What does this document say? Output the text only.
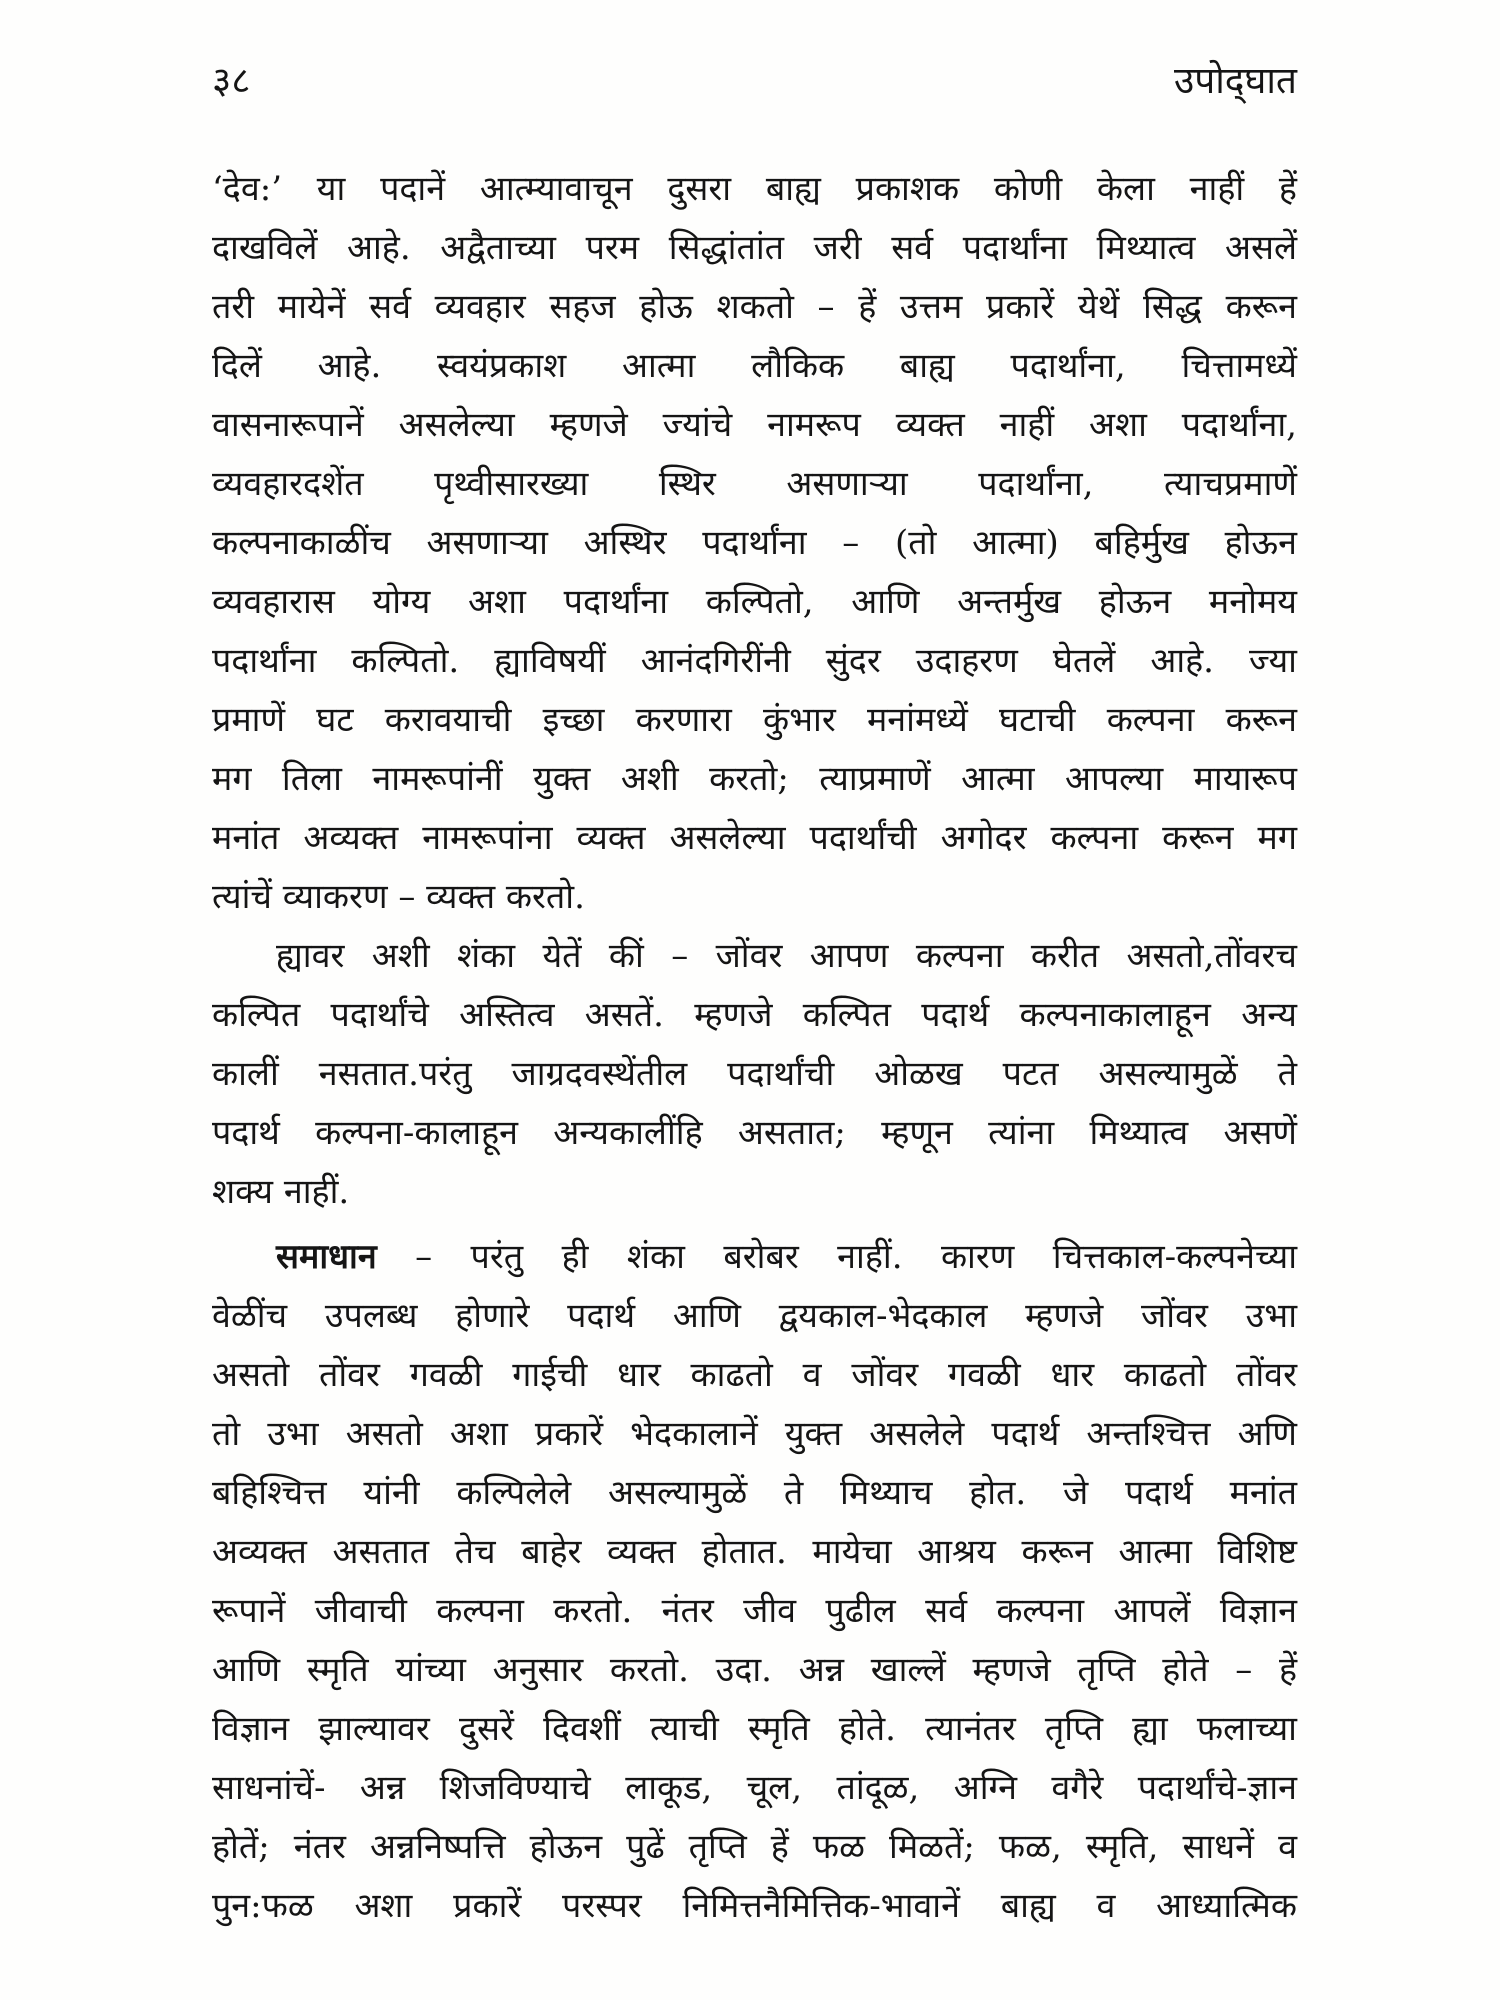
३८	उपोद्‌घात
‘देव:’ या पदानें आत्म्यावाचून दुसरा बाह्य प्रकाशक कोणी केला नाहीं हें
दाखविलें आहे. अद्वैताच्या परम सिद्धांतांत जरी सर्व पदार्थांना मिथ्यात्व असलें
तरी मायेनें सर्व व्यवहार सहज होऊ शकतो – हें उत्तम प्रकारें येथें सिद्ध करून
दिलें आहे. स्वयंप्रकाश आत्मा लौकिक बाह्य पदार्थांना, चित्तामध्यें
वासनारूपानें असलेल्या म्हणजे ज्यांचे नामरूप व्यक्त नाहीं अशा पदार्थांना,
व्यवहारदशेंत पृथ्वीसारख्या स्थिर असणाऱ्या पदार्थांना, त्याचप्रमाणें
कल्पनाकाळींच असणाऱ्या अस्थिर पदार्थांना – (तो आत्मा) बहिर्मुख होऊन
व्यवहारास योग्य अशा पदार्थांना कल्पितो, आणि अन्तर्मुख होऊन मनोमय
पदार्थांना कल्पितो. ह्याविषयीं आनंदगिरींनी सुंदर उदाहरण घेतलें आहे. ज्या
प्रमाणें घट करावयाची इच्छा करणारा कुंभार मनांमध्यें घटाची कल्पना करून
मग तिला नामरूपांनीं युक्त अशी करतो; त्याप्रमाणें आत्मा आपल्या मायारूप
मनांत अव्यक्त नामरूपांना व्यक्त असलेल्या पदार्थांची अगोदर कल्पना करून मग
त्यांचें व्याकरण – व्यक्त करतो.
ह्यावर अशी शंका येतें कीं – जोंवर आपण कल्पना करीत असतो,तोंवरच
कल्पित पदार्थांचे अस्तित्व असतें. म्हणजे कल्पित पदार्थ कल्पनाकालाहून अन्य
कालीं नसतात.परंतु जाग्रदवस्थेंतील पदार्थांची ओळख पटत असल्यामुळें ते
पदार्थ कल्पना-कालाहून अन्यकालींहि असतात; म्हणून त्यांना मिथ्यात्व असणें
शक्य नाहीं.
समाधान – परंतु ही शंका बरोबर नाहीं. कारण चित्तकाल-कल्पनेच्या
वेळींच उपलब्ध होणारे पदार्थ आणि द्वयकाल-भेदकाल म्हणजे जोंवर उभा
असतो तोंवर गवळी गाईची धार काढतो व जोंवर गवळी धार काढतो तोंवर
तो उभा असतो अशा प्रकारें भेदकालानें युक्त असलेले पदार्थ अन्तश्चित्त अणि
बहिश्चित्त यांनी कल्पिलेले असल्यामुळें ते मिथ्याच होत. जे पदार्थ मनांत
अव्यक्त असतात तेच बाहेर व्यक्त होतात. मायेचा आश्रय करून आत्मा विशिष्ट
रूपानें जीवाची कल्पना करतो. नंतर जीव पुढील सर्व कल्पना आपलें विज्ञान
आणि स्मृति यांच्या अनुसार करतो. उदा. अन्न खाल्लें म्हणजे तृप्ति होते – हें
विज्ञान झाल्यावर दुसरें दिवशीं त्याची स्मृति होते. त्यानंतर तृप्ति ह्या फलाच्या
साधनांचें- अन्न शिजविण्याचे लाकूड, चूल, तांदूळ, अग्नि वगैरे पदार्थांचे-ज्ञान
होतें; नंतर अन्ननिष्पत्ति होऊन पुढें तृप्ति हें फळ मिळतें; फळ, स्मृति, साधनें व
पुन:फळ अशा प्रकारें परस्पर निमित्तनैमित्तिक-भावानें बाह्य व आध्यात्मिक
